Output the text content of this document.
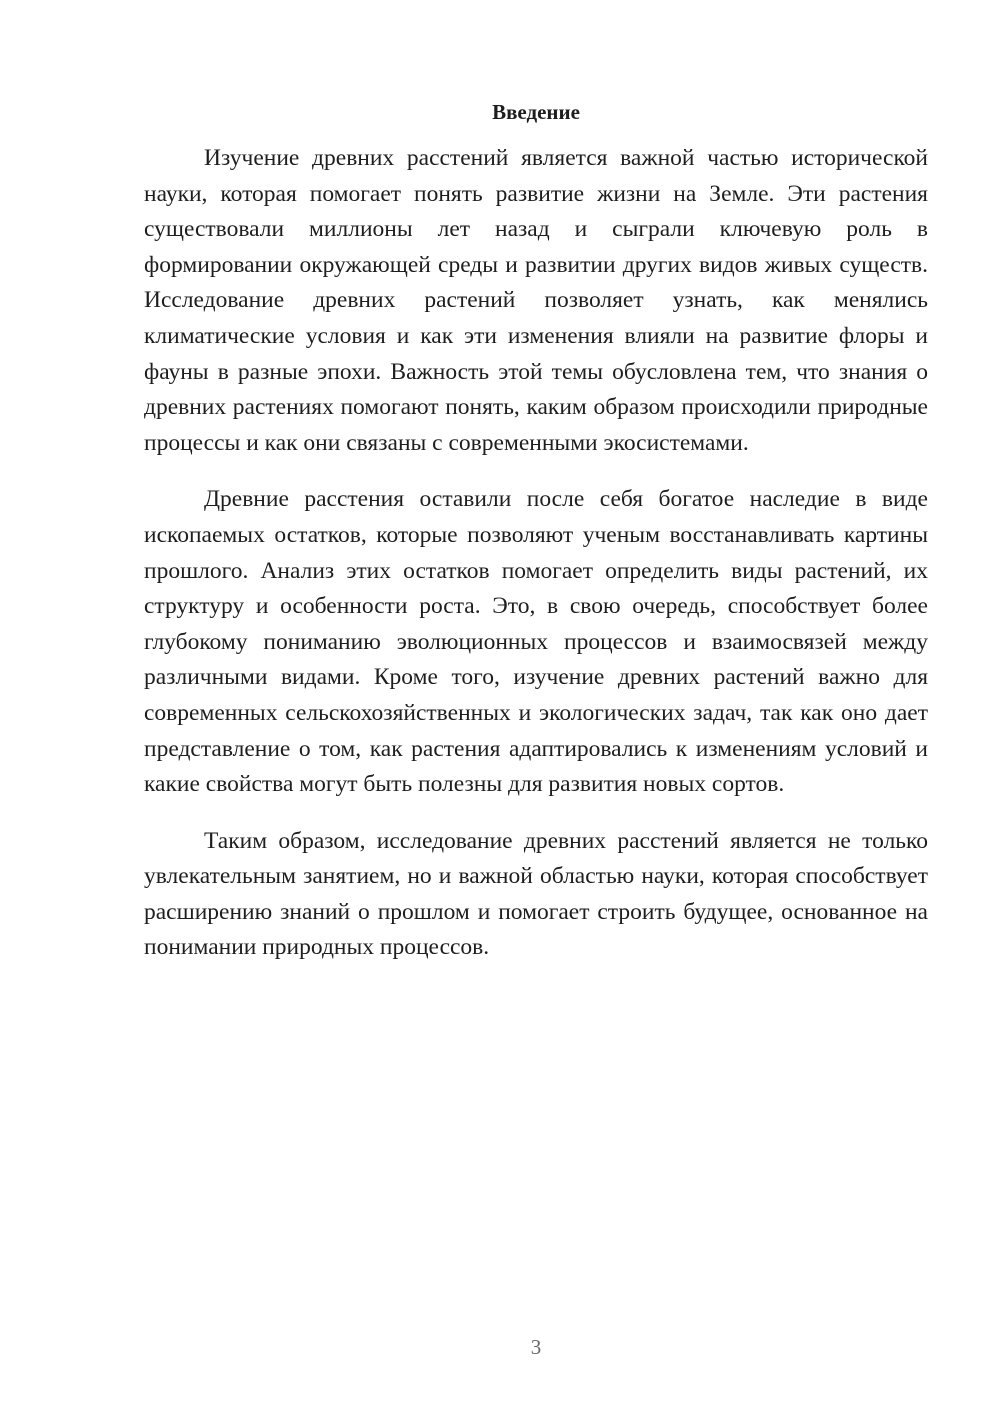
Введение

Изучение древних расстений является важной частью исторической науки, которая помогает понять развитие жизни на Земле. Эти растения существовали миллионы лет назад и сыграли ключевую роль в формировании окружающей среды и развитии других видов живых существ. Исследование древних растений позволяет узнать, как менялись климатические условия и как эти изменения влияли на развитие флоры и фауны в разные эпохи. Важность этой темы обусловлена тем, что знания о древних растениях помогают понять, каким образом происходили природные процессы и как они связаны с современными экосистемами.

Древние расстения оставили после себя богатое наследие в виде ископаемых остатков, которые позволяют ученым восстанавливать картины прошлого. Анализ этих остатков помогает определить виды растений, их структуру и особенности роста. Это, в свою очередь, способствует более глубокому пониманию эволюционных процессов и взаимосвязей между различными видами. Кроме того, изучение древних растений важно для современных сельскохозяйственных и экологических задач, так как оно дает представление о том, как растения адаптировались к изменениям условий и какие свойства могут быть полезны для развития новых сортов.

Таким образом, исследование древних расстений является не только увлекательным занятием, но и важной областью науки, которая способствует расширению знаний о прошлом и помогает строить будущее, основанное на понимании природных процессов.

3
